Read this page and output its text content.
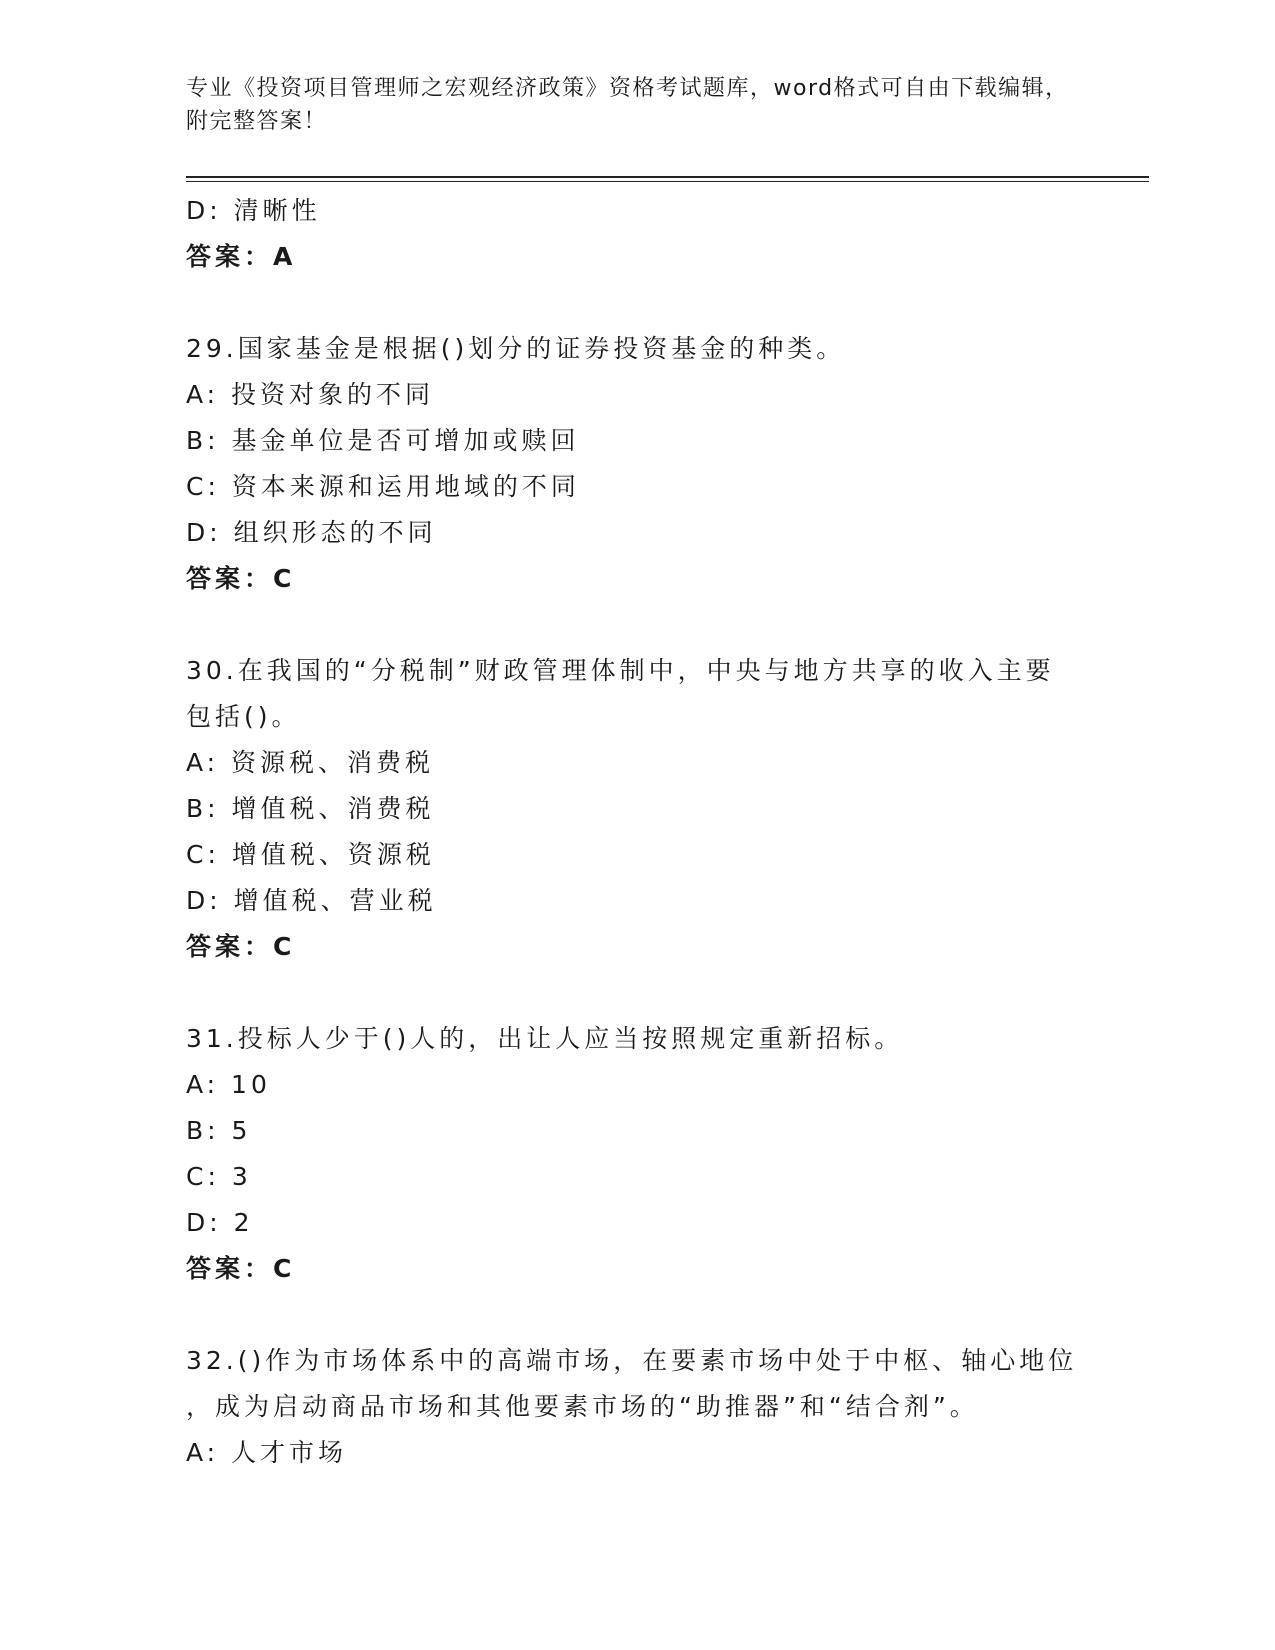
专业《投资项目管理师之宏观经济政策》资格考试题库，word格式可自由下载编辑，附完整答案！
D: 清晰性
答案：A
29.国家基金是根据()划分的证券投资基金的种类。
A: 投资对象的不同
B: 基金单位是否可增加或赎回
C: 资本来源和运用地域的不同
D: 组织形态的不同
答案：C
30.在我国的“分税制”财政管理体制中，中央与地方共享的收入主要
包括()。
A: 资源税、消费税
B: 增值税、消费税
C: 增值税、资源税
D: 增值税、营业税
答案：C
31.投标人少于()人的，出让人应当按照规定重新招标。
A: 10
B: 5
C: 3
D: 2
答案：C
32.()作为市场体系中的高端市场，在要素市场中处于中枢、轴心地位
，成为启动商品市场和其他要素市场的“助推器”和“结合剂”。
A: 人才市场
